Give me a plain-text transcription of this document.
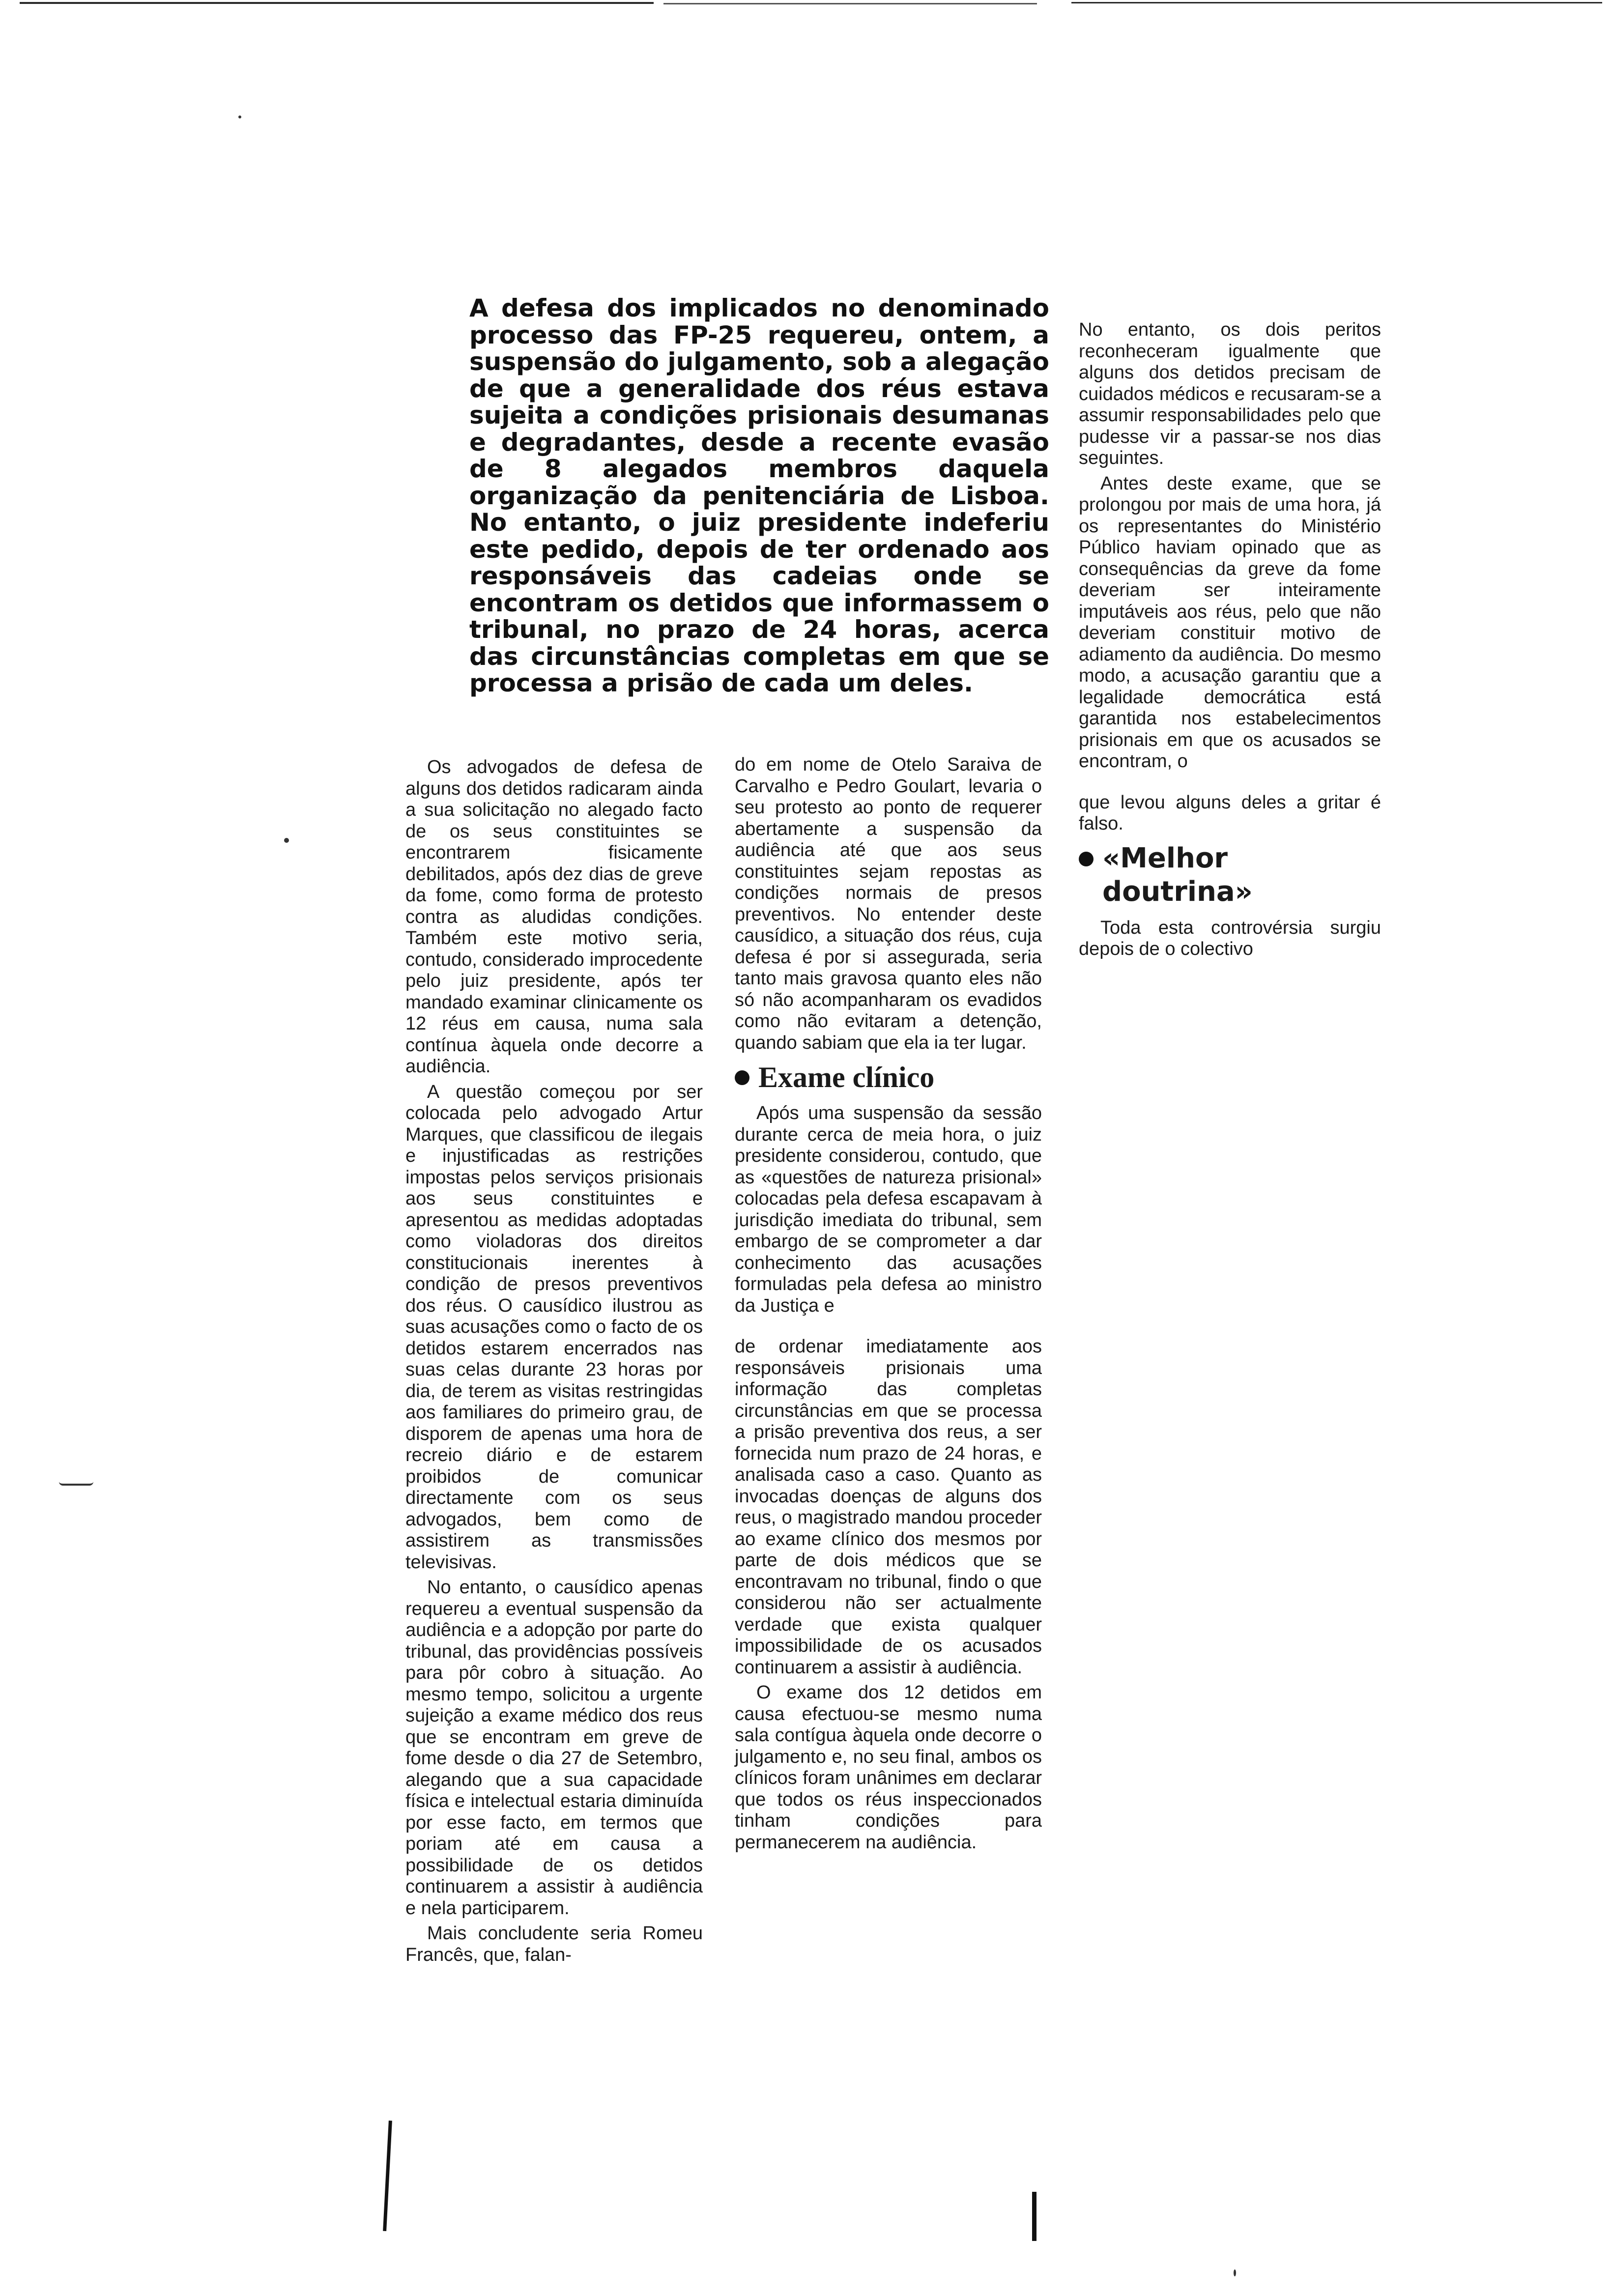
A defesa dos implicados no denominado processo das FP-25 requereu, ontem, a suspensão do julgamento, sob a alegação de que a generalidade dos réus estava sujeita a condições prisionais desumanas e degradantes, desde a recente evasão de 8 alegados membros daquela organização da penitenciária de Lisboa. No entanto, o juiz presidente indeferiu este pedido, depois de ter ordenado aos responsáveis das cadeias onde se encontram os detidos que informassem o tribunal, no prazo de 24 horas, acerca das circunstâncias completas em que se processa a prisão de cada um deles.

Os advogados de defesa de alguns dos detidos radicaram ainda a sua solicitação no alegado facto de os seus constituintes se encontrarem fisicamente debilitados, após dez dias de greve da fome, como forma de protesto contra as aludidas condições. Também este motivo seria, contudo, considerado improcedente pelo juiz presidente, após ter mandado examinar clinicamente os 12 réus em causa, numa sala contínua àquela onde decorre a audiência.

A questão começou por ser colocada pelo advogado Artur Marques, que classificou de ilegais e injustificadas as restrições impostas pelos serviços prisionais aos seus constituintes e apresentou as medidas adoptadas como violadoras dos direitos constitucionais inerentes à condição de presos preventivos dos réus. O causídico ilustrou as suas acusações como o facto de os detidos estarem encerrados nas suas celas durante 23 horas por dia, de terem as visitas restringidas aos familiares do primeiro grau, de disporem de apenas uma hora de recreio diário e de estarem proibidos de comunicar directamente com os seus advogados, bem como de assistirem as transmissões televisivas.

No entanto, o causídico apenas requereu a eventual suspensão da audiência e a adopção por parte do tribunal, das providências possíveis para pôr cobro à situação. Ao mesmo tempo, solicitou a urgente sujeição a exame médico dos reus que se encontram em greve de fome desde o dia 27 de Setembro, alegando que a sua capacidade física e intelectual estaria diminuída por esse facto, em termos que poriam até em causa a possibilidade de os detidos continuarem a assistir à audiência e nela participarem.

Mais concludente seria Romeu Francês, que, falan-

do em nome de Otelo Saraiva de Carvalho e Pedro Goulart, levaria o seu protesto ao ponto de requerer abertamente a suspensão da audiência até que aos seus constituintes sejam repostas as condições normais de presos preventivos. No entender deste causídico, a situação dos réus, cuja defesa é por si assegurada, seria tanto mais gravosa quanto eles não só não acompanharam os evadidos como não evitaram a detenção, quando sabiam que ela ia ter lugar.

Exame clínico

Após uma suspensão da sessão durante cerca de meia hora, o juiz presidente considerou, contudo, que as «questões de natureza prisional» colocadas pela defesa escapavam à jurisdição imediata do tribunal, sem embargo de se comprometer a dar conhecimento das acusações formuladas pela defesa ao ministro da Justiça e

de ordenar imediatamente aos responsáveis prisionais uma informação das completas circunstâncias em que se processa a prisão preventiva dos reus, a ser fornecida num prazo de 24 horas, e analisada caso a caso. Quanto as invocadas doenças de alguns dos reus, o magistrado mandou proceder ao exame clínico dos mesmos por parte de dois médicos que se encontravam no tribunal, findo o que considerou não ser actualmente verdade que exista qualquer impossibilidade de os acusados continuarem a assistir à audiência.

O exame dos 12 detidos em causa efectuou-se mesmo numa sala contígua àquela onde decorre o julgamento e, no seu final, ambos os clínicos foram unânimes em declarar que todos os réus inspeccionados tinham condições para permanecerem na audiência.

No entanto, os dois peritos reconheceram igualmente que alguns dos detidos precisam de cuidados médicos e recusaram-se a assumir responsabilidades pelo que pudesse vir a passar-se nos dias seguintes.

Antes deste exame, que se prolongou por mais de uma hora, já os representantes do Ministério Público haviam opinado que as consequências da greve da fome deveriam ser inteiramente imputáveis aos réus, pelo que não deveriam constituir motivo de adiamento da audiência. Do mesmo modo, a acusação garantiu que a legalidade democrática está garantida nos estabelecimentos prisionais em que os acusados se encontram, o

que levou alguns deles a gritar é falso.

«Melhor doutrina»

Toda esta controvérsia surgiu depois de o colectivo
